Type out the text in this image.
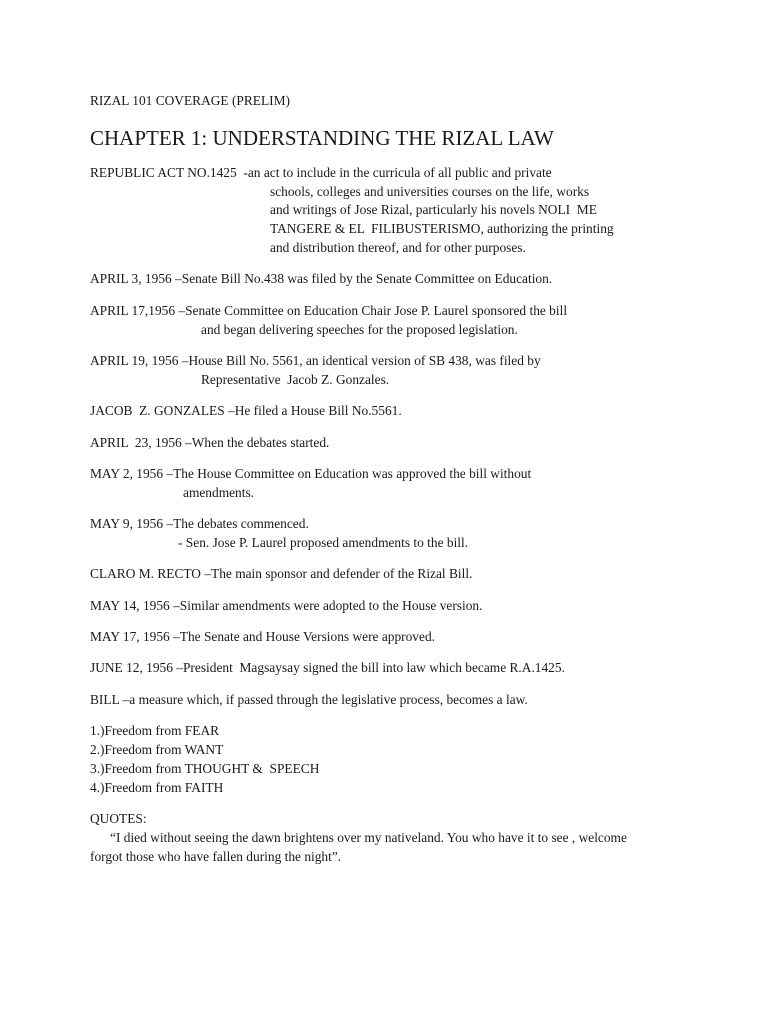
RIZAL 101 COVERAGE (PRELIM)

CHAPTER 1: UNDERSTANDING THE RIZAL LAW

REPUBLIC ACT NO.1425  -an act to include in the curricula of all public and private

schools, colleges and universities courses on the life, works

and writings of Jose Rizal, particularly his novels NOLI  ME

TANGERE & EL  FILIBUSTERISMO, authorizing the printing

and distribution thereof, and for other purposes.

APRIL 3, 1956 –Senate Bill No.438 was filed by the Senate Committee on Education.

APRIL 17,1956 –Senate Committee on Education Chair Jose P. Laurel sponsored the bill

and began delivering speeches for the proposed legislation.

APRIL 19, 1956 –House Bill No. 5561, an identical version of SB 438, was filed by

Representative  Jacob Z. Gonzales.

JACOB  Z. GONZALES –He filed a House Bill No.5561.

APRIL  23, 1956 –When the debates started.

MAY 2, 1956 –The House Committee on Education was approved the bill without

amendments.

MAY 9, 1956 –The debates commenced.

- Sen. Jose P. Laurel proposed amendments to the bill.

CLARO M. RECTO –The main sponsor and defender of the Rizal Bill.

MAY 14, 1956 –Similar amendments were adopted to the House version.

MAY 17, 1956 –The Senate and House Versions were approved.

JUNE 12, 1956 –President  Magsaysay signed the bill into law which became R.A.1425.

BILL –a measure which, if passed through the legislative process, becomes a law.

1.)Freedom from FEAR

2.)Freedom from WANT

3.)Freedom from THOUGHT &  SPEECH

4.)Freedom from FAITH

QUOTES:

“I died without seeing the dawn brightens over my nativeland. You who have it to see , welcome forgot those who have fallen during the night”.
